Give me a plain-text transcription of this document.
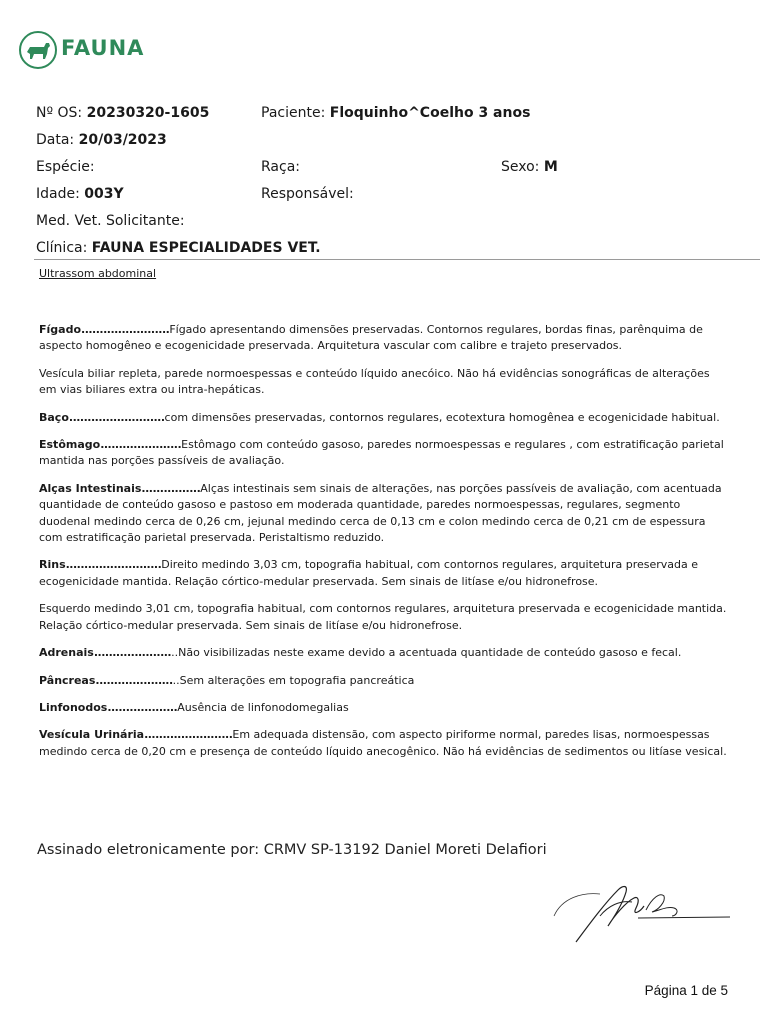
FAUNA
Nº OS: 20230320-1605	Paciente: Floquinho^Coelho 3 anos
Data: 20/03/2023
Espécie:	Raça:	Sexo: M
Idade: 003Y	Responsável:
Med. Vet. Solicitante:
Clínica: FAUNA ESPECIALIDADES VET.
Ultrassom abdominal

Fígado........................Fígado apresentando dimensões preservadas. Contornos regulares, bordas finas, parênquima de aspecto homogêneo e ecogenicidade preservada. Arquitetura vascular com calibre e trajeto preservados.

Vesícula biliar repleta, parede normoespessas e conteúdo líquido anecóico. Não há evidências sonográficas de alterações em vias biliares extra ou intra-hepáticas.

Baço..........................com dimensões preservadas, contornos regulares, ecotextura homogênea e ecogenicidade habitual.

Estômago......................Estômago com conteúdo gasoso, paredes normoespessas e regulares , com estratificação parietal mantida nas porções passíveis de avaliação.

Alças Intestinais................Alças intestinais sem sinais de alterações, nas porções passíveis de avaliação, com acentuada quantidade de conteúdo gasoso e pastoso em moderada quantidade, paredes normoespessas, regulares, segmento duodenal medindo cerca de 0,26 cm, jejunal medindo cerca de 0,13 cm e colon medindo cerca de 0,21 cm de espessura com estratificação parietal preservada. Peristaltismo reduzido.

Rins..........................Direito medindo 3,03 cm, topografia habitual, com contornos regulares, arquitetura preservada e ecogenicidade mantida. Relação córtico-medular preservada. Sem sinais de litíase e/ou hidronefrose.

Esquerdo medindo 3,01 cm, topografia habitual, com contornos regulares, arquitetura preservada e ecogenicidade mantida. Relação córtico-medular preservada. Sem sinais de litíase e/ou hidronefrose.

Adrenais.......................Não visibilizadas neste exame devido a acentuada quantidade de conteúdo gasoso e fecal.

Pâncreas.......................Sem alterações em topografia pancreática

Linfonodos...................Ausência de linfonodomegalias

Vesícula Urinária........................Em adequada distensão, com aspecto piriforme normal, paredes lisas, normoespessas medindo cerca de 0,20 cm e presença de conteúdo líquido anecogênico. Não há evidências de sedimentos ou litíase vesical.

Assinado eletronicamente por: CRMV SP-13192 Daniel Moreti Delafiori
Página 1 de 5
